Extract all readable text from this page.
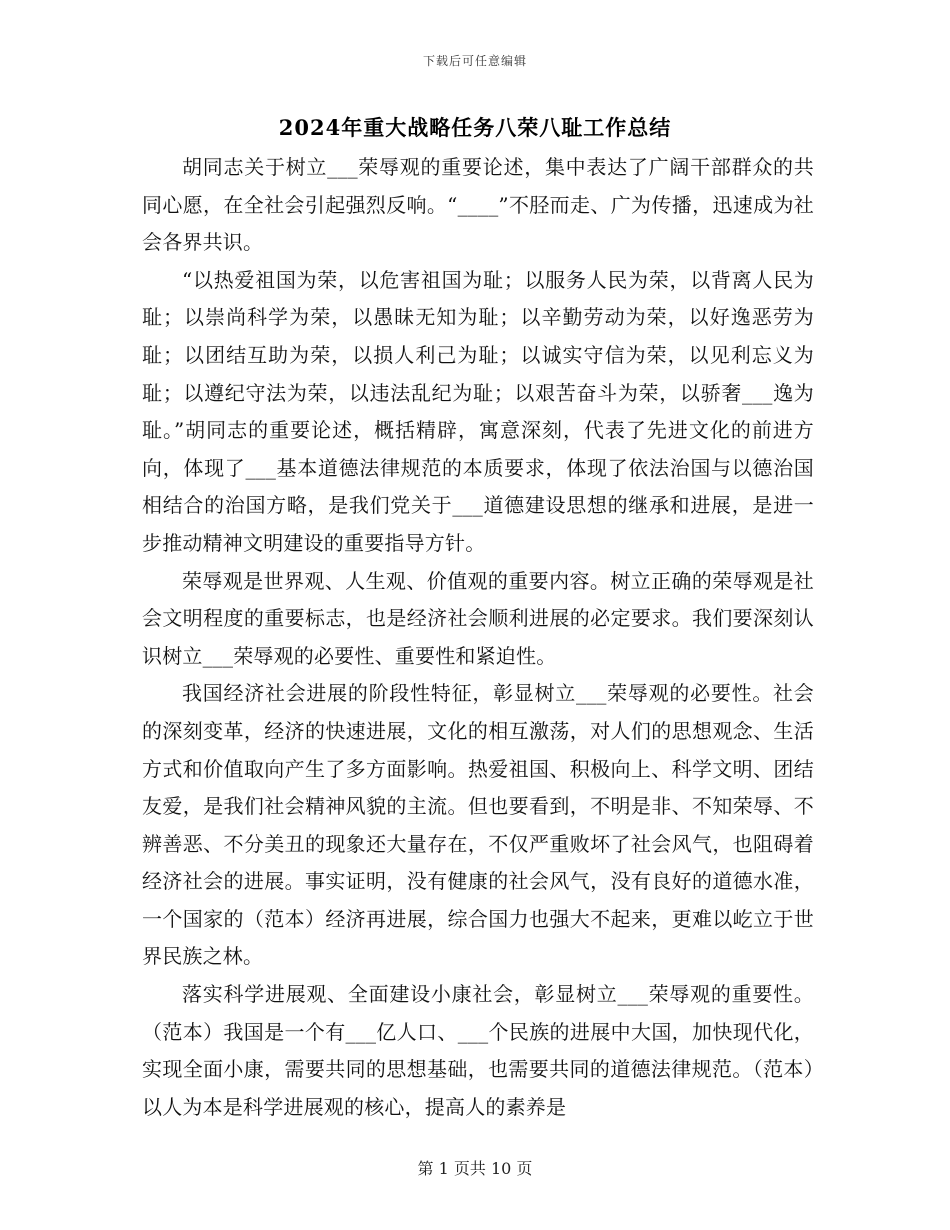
下载后可任意编辑
2024年重大战略任务八荣八耻工作总结

胡同志关于树立___荣辱观的重要论述，集中表达了广阔干部群众的共同心愿，在全社会引起强烈反响。“____”不胫而走、广为传播，迅速成为社会各界共识。

“以热爱祖国为荣，以危害祖国为耻；以服务人民为荣，以背离人民为耻；以崇尚科学为荣，以愚昧无知为耻；以辛勤劳动为荣，以好逸恶劳为耻；以团结互助为荣，以损人利己为耻；以诚实守信为荣，以见利忘义为耻；以遵纪守法为荣，以违法乱纪为耻；以艰苦奋斗为荣，以骄奢___逸为耻。”胡同志的重要论述，概括精辟，寓意深刻，代表了先进文化的前进方向，体现了___基本道德法律规范的本质要求，体现了依法治国与以德治国相结合的治国方略，是我们党关于___道德建设思想的继承和进展，是进一步推动精神文明建设的重要指导方针。

荣辱观是世界观、人生观、价值观的重要内容。树立正确的荣辱观是社会文明程度的重要标志，也是经济社会顺利进展的必定要求。我们要深刻认识树立___荣辱观的必要性、重要性和紧迫性。

我国经济社会进展的阶段性特征，彰显树立___荣辱观的必要性。社会的深刻变革，经济的快速进展，文化的相互激荡，对人们的思想观念、生活方式和价值取向产生了多方面影响。热爱祖国、积极向上、科学文明、团结友爱，是我们社会精神风貌的主流。但也要看到，不明是非、不知荣辱、不辨善恶、不分美丑的现象还大量存在，不仅严重败坏了社会风气，也阻碍着经济社会的进展。事实证明，没有健康的社会风气，没有良好的道德水准，一个国家的（范本）经济再进展，综合国力也强大不起来，更难以屹立于世界民族之林。

落实科学进展观、全面建设小康社会，彰显树立___荣辱观的重要性。（范本）我国是一个有___亿人口、___个民族的进展中大国，加快现代化，实现全面小康，需要共同的思想基础，也需要共同的道德法律规范。（范本）以人为本是科学进展观的核心，提高人的素养是

第 1 页共 10 页
